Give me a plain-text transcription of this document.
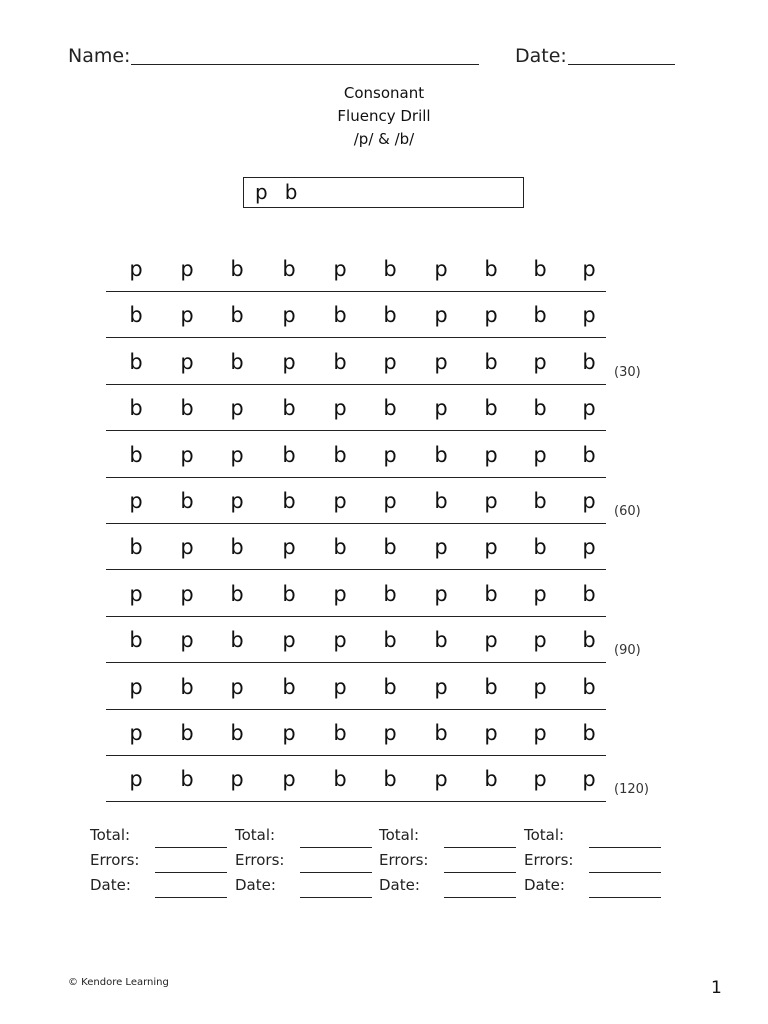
Name:	Date:
Consonant
Fluency Drill
/p/ & /b/
p b
p	p	b	b	p	b	p	b	b	p
b	p	b	p	b	b	p	p	b	p
b	p	b	p	b	p	p	b	p	b	(30)
b	b	p	b	p	b	p	b	b	p
b	p	p	b	b	p	b	p	p	b
p	b	p	b	p	p	b	p	b	p	(60)
b	p	b	p	b	b	p	p	b	p
p	p	b	b	p	b	p	b	p	b
b	p	b	p	p	b	b	p	p	b	(90)
p	b	p	b	p	b	p	b	p	b
p	b	b	p	b	p	b	p	p	b
p	b	p	p	b	b	p	b	p	p	(120)
Total:
Errors:
Date:
Total:
Errors:
Date:
Total:
Errors:
Date:
Total:
Errors:
Date:
© Kendore Learning	1
